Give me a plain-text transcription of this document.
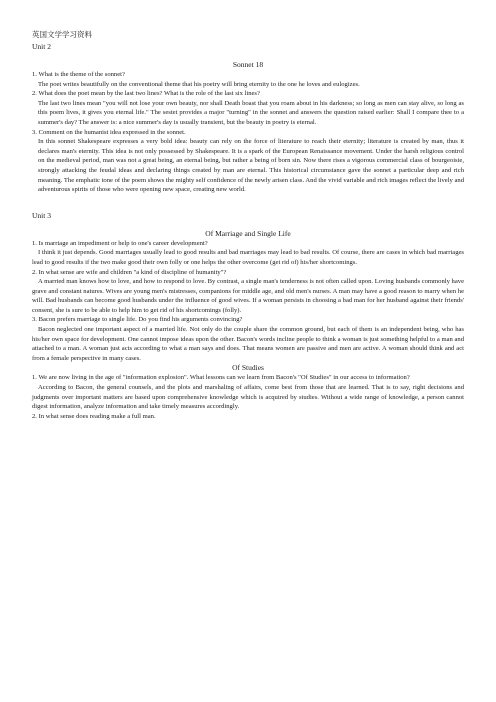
英国文学学习资料
Unit 2
Sonnet 18
1. What is the theme of the sonnet?
The poet writes beautifully on the conventional theme that his poetry will bring eternity to the one he loves and eulogizes.
2. What does the poet mean by the last two lines? What is the role of the last six lines?
The last two lines mean "you will not lose your own beauty, nor shall Death boast that you roam about in his darkness; so long as men can stay alive, so long as this poem lives, it gives you eternal life." The sestet provides a major "turning" in the sonnet and answers the question raised earlier: Shall I compare thee to a summer's day? The answer is: a nice summer's day is usually transient, but the beauty in poetry is eternal.
3. Comment on the humanist idea expressed in the sonnet.
In this sonnet Shakespeare expresses a very bold idea: beauty can rely on the force of literature to reach their eternity; literature is created by man, thus it declares man's eternity. This idea is not only possessed by Shakespeare. It is a spark of the European Renaissance movement. Under the harsh religious control on the medieval period, man was not a great being, an eternal being, but rather a being of born sin. Now there rises a vigorous commercial class of bourgeoisie, strongly attacking the feudal ideas and declaring things created by man are eternal. This historical circumstance gave the sonnet a particular deep and rich meaning. The emphatic tone of the poem shows the mighty self confidence of the newly arisen class. And the vivid variable and rich images reflect the lively and adventurous spirits of those who were opening new space, creating new world.
Unit 3
Of Marriage and Single Life
1. Is marriage an impediment or help to one's career development?
I think it just depends. Good marriages usually lead to good results and bad marriages may lead to bad results. Of course, there are cases in which bad marriages lead to good results if the two make good their own folly or one helps the other overcome (get rid of) his/her shortcomings.
2. In what sense are wife and children "a kind of discipline of humanity"?
A married man knows how to love, and how to respond to love. By contrast, a single man's tenderness is not often called upon. Loving husbands commonly have grave and constant natures. Wives are young men's mistresses, companions for middle age, and old men's nurses. A man may have a good reason to marry when he will. Bad husbands can become good husbands under the influence of good wives. If a woman persists in choosing a bad man for her husband against their friends' consent, she is sure to be able to help him to get rid of his shortcomings (folly).
3. Bacon prefers marriage to single life. Do you find his arguments convincing?
Bacon neglected one important aspect of a married life. Not only do the couple share the common ground, but each of them is an independent being, who has his/her own space for development. One cannot impose ideas upon the other. Bacon's words incline people to think a woman is just something helpful to a man and attached to a man. A woman just acts according to what a man says and does. That means women are passive and men are active. A woman should think and act from a female perspective in many cases.
Of Studies
1. We are now living in the age of "information explosion". What lessons can we learn from Bacon's "Of Studies" in our access to information?
According to Bacon, the general counsels, and the plots and marshaling of affairs, come best from those that are learned. That is to say, right decisions and judgments over important matters are based upon comprehensive knowledge which is acquired by studies. Without a wide range of knowledge, a person cannot digest information, analyze information and take timely measures accordingly.
2. In what sense does reading make a full man.
